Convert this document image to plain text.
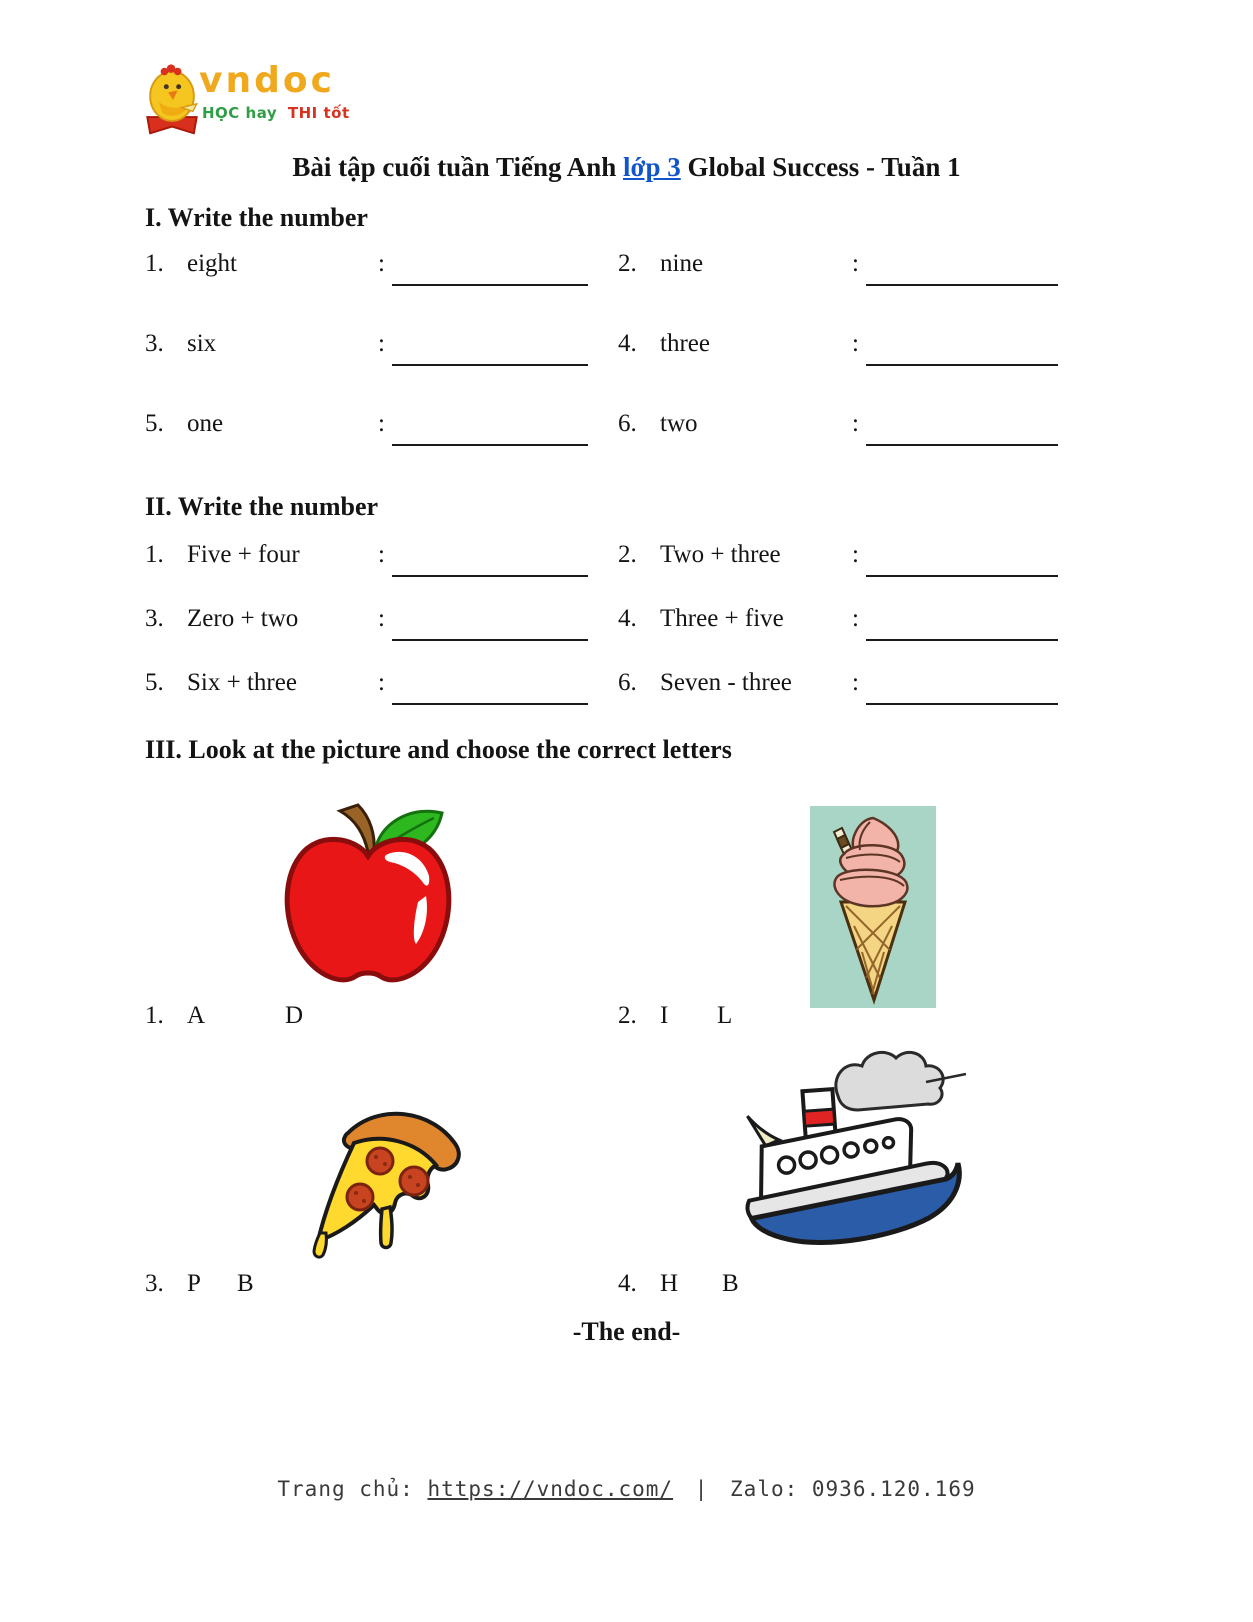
vndoc
HỌC hay THI tốt
Bài tập cuối tuần Tiếng Anh lớp 3 Global Success - Tuần 1
I. Write the number
1. eight	:	2. nine	:
3. six	:	4. three	:
5. one	:	6. two	:
II. Write the number
1. Five + four	:	2. Two + three	:
3. Zero + two	:	4. Three + five	:
5. Six + three	:	6. Seven - three :
III. Look at the picture and choose the correct letters
1. A	D	2. I L
3. P B	4. H B
-The end-
Trang chủ: https://vndoc.com/ | Zalo: 0936.120.169
